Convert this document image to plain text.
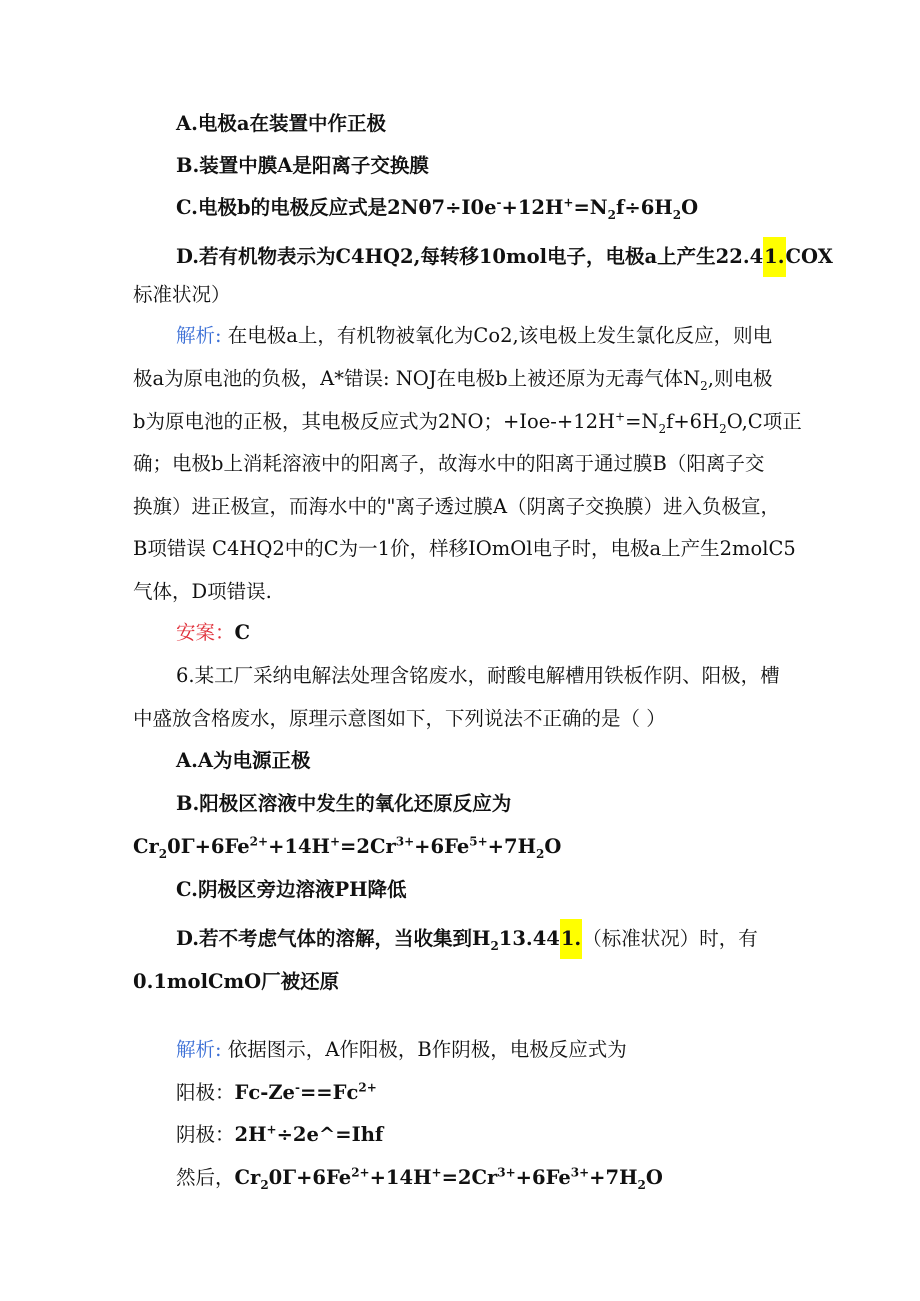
A.电极a在装置中作正极
B.装置中膜A是阳离子交换膜
C.电极b的电极反应式是$2N\theta 7\div I0e^-+12H^+=N_2f\div 6H_2O$
D.若有机物表示为C4HQ2,每转移10mol电子，电极a上产生22.41.COX
标准状况）
解析: 在电极a上，有机物被氧化为Co2,该电极上发生氯化反应，则电
极a为原电池的负极，A*错误: NOJ在电极b上被还原为无毒气体$N_2$,则电极
b为原电池的正极，其电极反应式为2NO；$+Ioe-+12H^+=N_2f+6H_2O,C$项正
确；电极b上消耗溶液中的阳离子，故海水中的阳离于通过膜B（阳离子交
换旗）进正极宣，而海水中的"离子透过膜A（阴离子交换膜）进入负极宣，
B项错误 C4HQ2中的C为一1价，样移IOmOl电子时，电极a上产生2molC5
气体，D项错误.
安案：C
6.某工厂采纳电解法处理含铭废水，耐酸电解槽用铁板作阴、阳极，槽
中盛放含格废水，原理示意图如下，下列说法不正确的是（ ）
A.A为电源正极
B.阳极区溶液中发生的氧化还原反应为
$Cr_20\Gamma+6Fe^{2+}+14H^+=2Cr^{3+}+6Fe^{5+}+7H_2O$
C.阴极区旁边溶液PH降低
D.若不考虑气体的溶解，当收集到$H_213.441$.（标准状况）时，有
0.1molCmO厂被还原
解析: 依据图示，A作阳极，B作阴极，电极反应式为
阳极：$Fc-Ze^-==Fc^{2+}$
阴极：2H+÷2e^=Ihf
然后，$Cr_20\Gamma+6Fe^{2+}+14H^+=2Cr^{3+}+6Fe^{3+}+7H_2O$
